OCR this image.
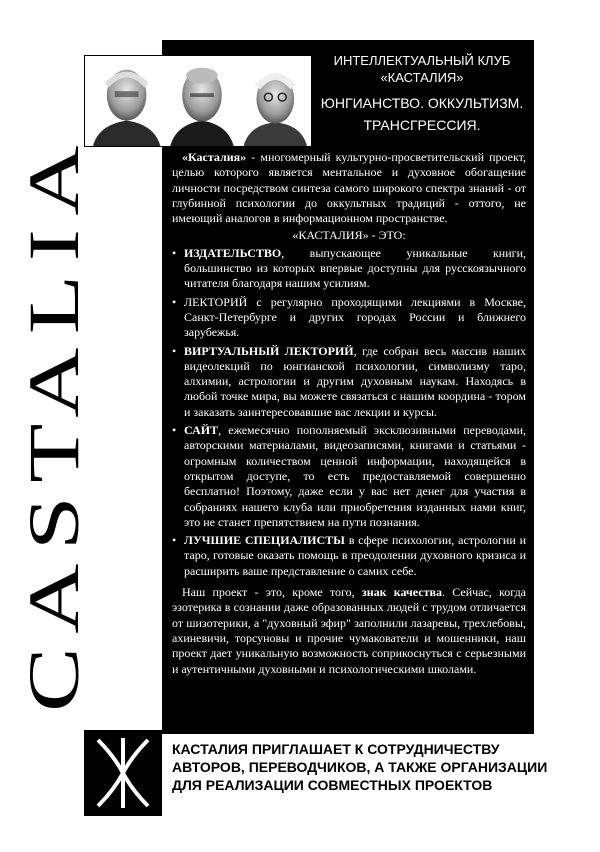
CASTALIA
ИНТЕЛЛЕКТУАЛЬНЫЙ КЛУБ
«КАСТАЛИЯ»
ЮНГИАНСТВО. ОККУЛЬТИЗМ.
ТРАНСГРЕССИЯ.

«Касталия» - многомерный культурно-просветительский проект, целью которого является ментальное и духовное обогащение личности посредством синтеза самого широкого спектра знаний - от глубинной психологии до оккультных традиций - оттого, не имеющий аналогов в информационном пространстве.

«КАСТАЛИЯ» - ЭТО:
• ИЗДАТЕЛЬСТВО, выпускающее уникальные книги, большинство из которых впервые доступны для русскоязычного читателя благодаря нашим усилиям.
• ЛЕКТОРИЙ с регулярно проходящими лекциями в Москве, Санкт-Петербурге и других городах России и ближнего зарубежья.
• ВИРТУАЛЬНЫЙ ЛЕКТОРИЙ, где собран весь массив наших видеолекций по юнгианской психологии, символизму таро, алхимии, астрологии и другим духовным наукам. Находясь в любой точке мира, вы можете связаться с нашим координа - тором и заказать заинтересовавшие вас лекции и курсы.
• САЙТ, ежемесячно пополняемый эксклюзивными переводами, авторскими материалами, видеозаписями, книгами и статьями - огромным количеством ценной информации, находящейся в открытом доступе, то есть предоставляемой совершенно бесплатно! Поэтому, даже если у вас нет денег для участия в собраниях нашего клуба или приобретения изданных нами книг, это не станет препятствием на пути познания.
• ЛУЧШИЕ СПЕЦИАЛИСТЫ в сфере психологии, астрологии и таро, готовые оказать помощь в преодолении духовного кризиса и расширить ваше представление о самих себе.

Наш проект - это, кроме того, знак качества. Сейчас, когда эзотерика в сознании даже образованных людей с трудом отличается от шизотерики, а "духовный эфир" заполнили лазаревы, трехлебовы, ахиневичи, торсуновы и прочие чумакователи и мошенники, наш проект дает уникальную возможность соприкоснуться с серьезными и аутентичными духовными и психологическими школами.

КАСТАЛИЯ ПРИГЛАШАЕТ К СОТРУДНИЧЕСТВУ
АВТОРОВ, ПЕРЕВОДЧИКОВ, А ТАКЖЕ ОРГАНИЗАЦИИ
ДЛЯ РЕАЛИЗАЦИИ СОВМЕСТНЫХ ПРОЕКТОВ
